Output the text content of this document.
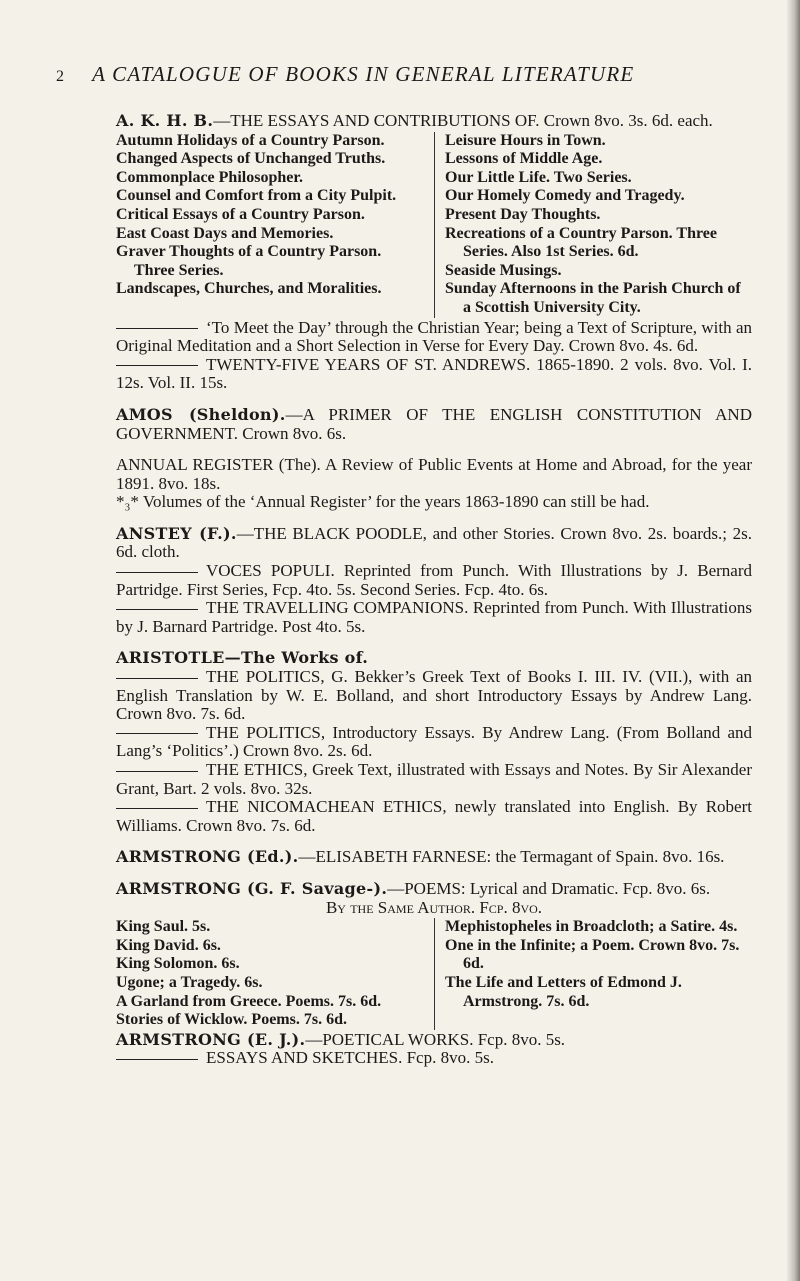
2 A CATALOGUE OF BOOKS IN GENERAL LITERATURE

A. K. H. B.—THE ESSAYS AND CONTRIBUTIONS OF. Crown 8vo. 3s. 6d. each.

Autumn Holidays of a Country Parson.
Changed Aspects of Unchanged Truths.
Commonplace Philosopher.
Counsel and Comfort from a City Pulpit.
Critical Essays of a Country Parson.
East Coast Days and Memories.
Graver Thoughts of a Country Parson. Three Series.
Landscapes, Churches, and Moralities.
Leisure Hours in Town.
Lessons of Middle Age.
Our Little Life. Two Series.
Our Homely Comedy and Tragedy.
Present Day Thoughts.
Recreations of a Country Parson. Three Series. Also 1st Series. 6d.
Seaside Musings.
Sunday Afternoons in the Parish Church of a Scottish University City.

‘To Meet the Day’ through the Christian Year; being a Text of Scripture, with an Original Meditation and a Short Selection in Verse for Every Day. Crown 8vo. 4s. 6d.

TWENTY-FIVE YEARS OF ST. ANDREWS. 1865-1890. 2 vols. 8vo. Vol. I. 12s. Vol. II. 15s.

AMOS (Sheldon).—A PRIMER OF THE ENGLISH CONSTITUTION AND GOVERNMENT. Crown 8vo. 6s.

ANNUAL REGISTER (The). A Review of Public Events at Home and Abroad, for the year 1891. 8vo. 18s.

*₃* Volumes of the ‘Annual Register’ for the years 1863-1890 can still be had.

ANSTEY (F.).—THE BLACK POODLE, and other Stories. Crown 8vo. 2s. boards.; 2s. 6d. cloth.

VOCES POPULI. Reprinted from Punch. With Illustrations by J. Bernard Partridge. First Series, Fcp. 4to. 5s. Second Series. Fcp. 4to. 6s.

THE TRAVELLING COMPANIONS. Reprinted from Punch. With Illustrations by J. Barnard Partridge. Post 4to. 5s.

ARISTOTLE—The Works of.

THE POLITICS, G. Bekker’s Greek Text of Books I. III. IV. (VII.), with an English Translation by W. E. Bolland, and short Introductory Essays by Andrew Lang. Crown 8vo. 7s. 6d.

THE POLITICS, Introductory Essays. By Andrew Lang. (From Bolland and Lang’s ‘Politics’.) Crown 8vo. 2s. 6d.

THE ETHICS, Greek Text, illustrated with Essays and Notes. By Sir Alexander Grant, Bart. 2 vols. 8vo. 32s.

THE NICOMACHEAN ETHICS, newly translated into English. By Robert Williams. Crown 8vo. 7s. 6d.

ARMSTRONG (Ed.).—ELISABETH FARNESE: the Termagant of Spain. 8vo. 16s.

ARMSTRONG (G. F. Savage-).—POEMS: Lyrical and Dramatic. Fcp. 8vo. 6s.

By the Same Author. Fcp. 8vo.

King Saul. 5s.
King David. 6s.
King Solomon. 6s.
Ugone; a Tragedy. 6s.
A Garland from Greece. Poems. 7s. 6d.
Stories of Wicklow. Poems. 7s. 6d.
Mephistopheles in Broadcloth; a Satire. 4s.
One in the Infinite; a Poem. Crown 8vo. 7s. 6d.
The Life and Letters of Edmond J. Armstrong. 7s. 6d.

ARMSTRONG (E. J.).—POETICAL WORKS. Fcp. 8vo. 5s.

ESSAYS AND SKETCHES. Fcp. 8vo. 5s.
